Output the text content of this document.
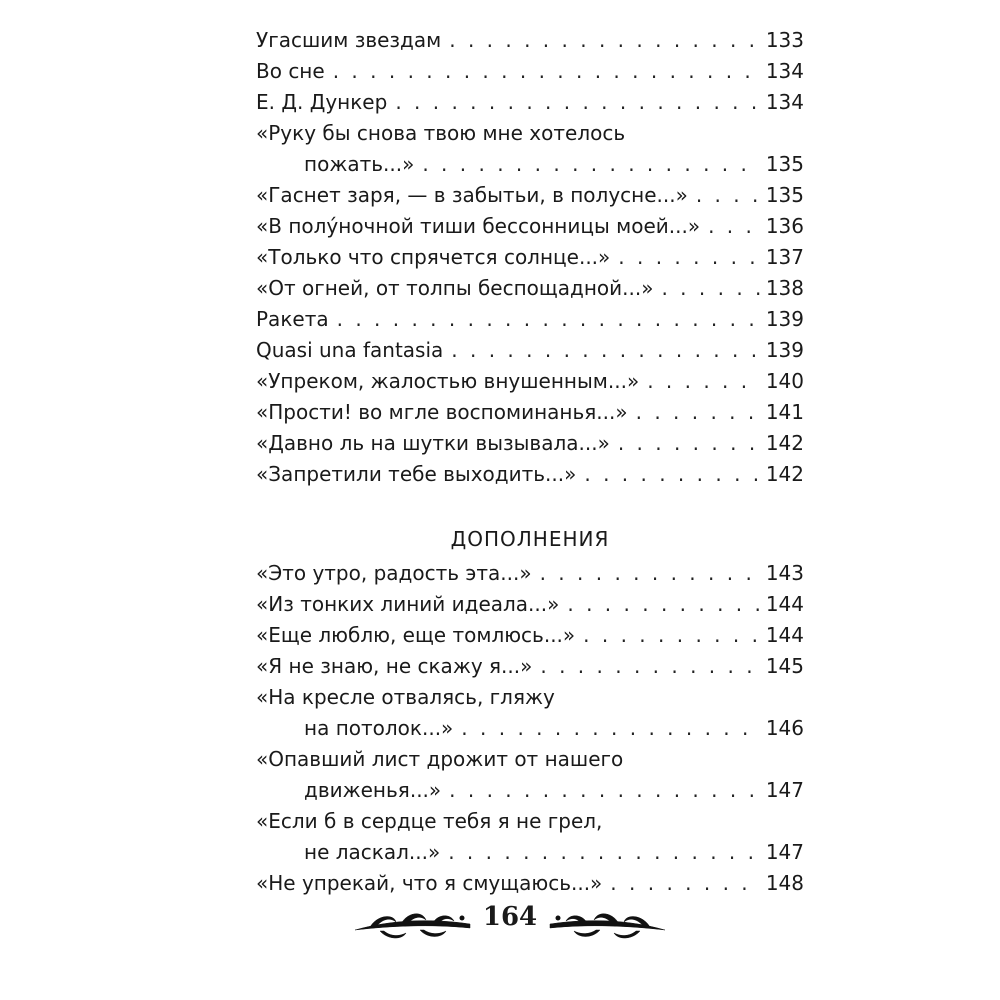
Угасшим звездам . . .	133
Во сне . . .	134
Е. Д. Дункер . . .	134
«Руку бы снова твою мне хотелось
пожать...» . . .	135
«Гаснет заря, — в забытьи, в полусне...» . . .	135
«В полу́ночной тиши бессонницы моей...» . . .	136
«Только что спрячется солнце...» . . .	137
«От огней, от толпы беспощадной...» . . .	138
Ракета . . .	139
Quasi una fantasia . . .	139
«Упреком, жалостью внушенным...» . . .	140
«Прости! во мгле воспоминанья...» . . .	141
«Давно ль на шутки вызывала...» . . .	142
«Запретили тебе выходить...» . . .	142
ДОПОЛНЕНИЯ
«Это утро, радость эта...» . . .	143
«Из тонких линий идеала...» . . .	144
«Еще люблю, еще томлюсь...» . . .	144
«Я не знаю, не скажу я...» . . .	145
«На кресле отвалясь, гляжу
на потолок...» . . .	146
«Опавший лист дрожит от нашего
движенья...» . . .	147
«Если б в сердце тебя я не грел,
не ласкал...» . . .	147
«Не упрекай, что я смущаюсь...» . . .	148
164
